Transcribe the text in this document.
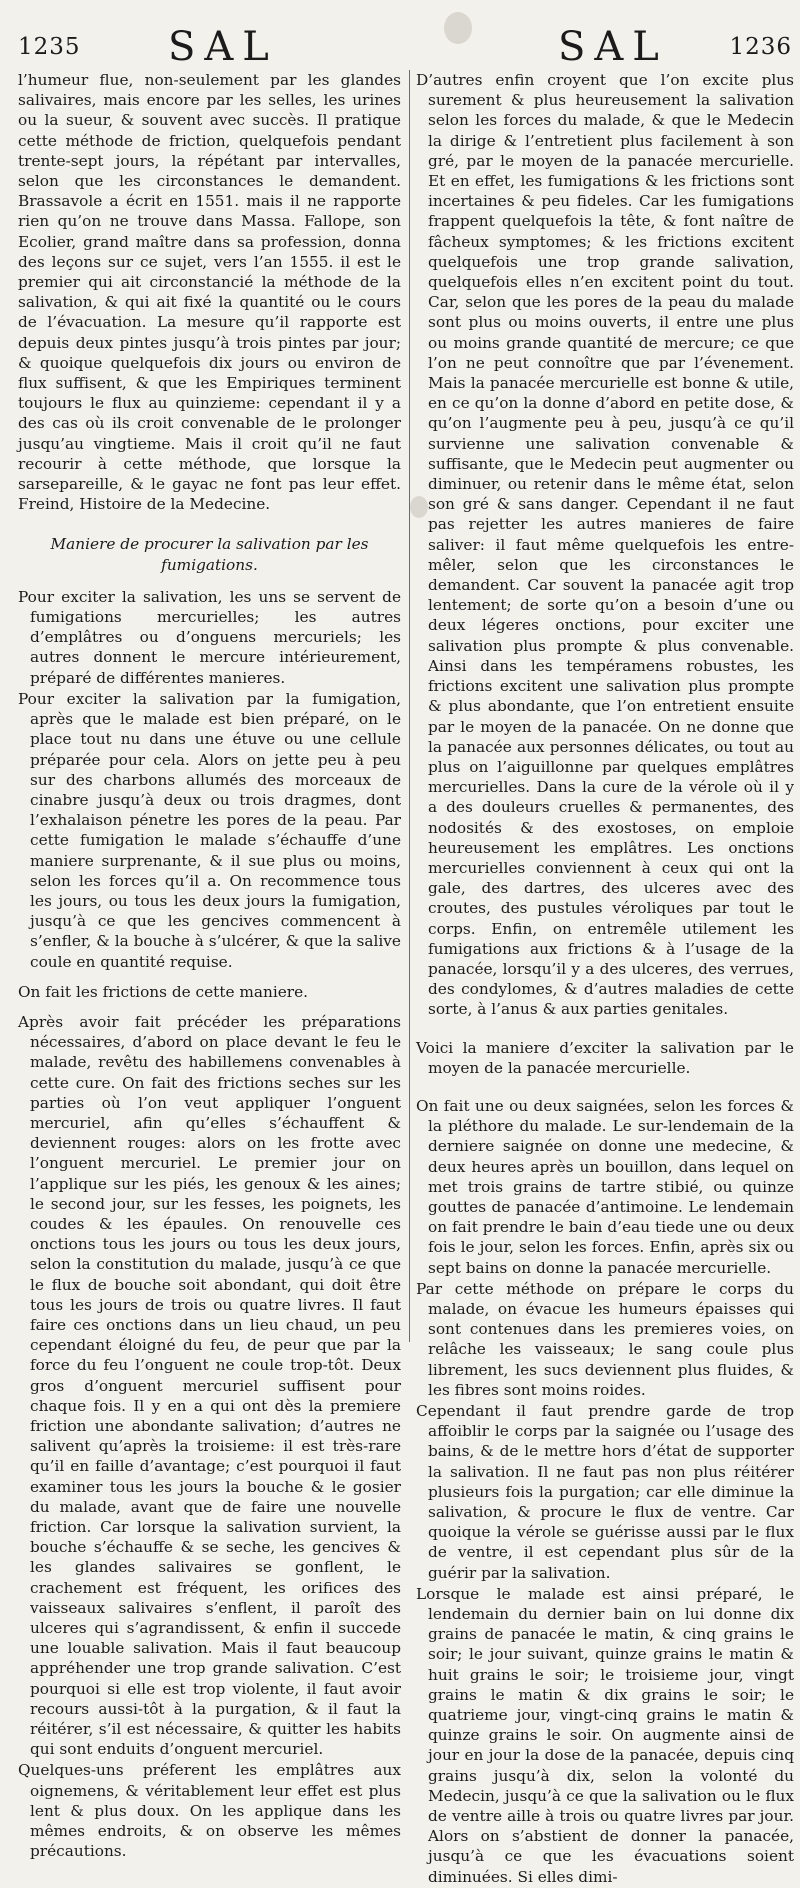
1235 SAL	SAL	1236

l’humeur flue, non-seulement par les glandes salivaires, mais encore par les selles, les urines ou la sueur, & souvent avec succès. Il pratique cette méthode de friction, quelquefois pendant trente-sept jours, la répétant par intervalles, selon que les circonstances le demandent. Brassavole a écrit en 1551. mais il ne rapporte rien qu’on ne trouve dans Massa. Fallope, son Ecolier, grand maître dans sa profession, donna des leçons sur ce sujet, vers l’an 1555. il est le premier qui ait circonstancié la méthode de la salivation, & qui ait fixé la quantité ou le cours de l’évacuation. La mesure qu’il rapporte est depuis deux pintes jusqu’à trois pintes par jour; & quoique quelquefois dix jours ou environ de flux suffisent, & que les Empiriques terminent toujours le flux au quinzieme: cependant il y a des cas où ils croit convenable de le prolonger jusqu’au vingtieme. Mais il croit qu’il ne faut recourir à cette méthode, que lorsque la sarsepareille, & le gayac ne font pas leur effet. Freind, Histoire de la Medecine.

Maniere de procurer la salivation par les fumigations.

Pour exciter la salivation, les uns se servent de fumigations mercurielles; les autres d’emplâtres ou d’onguens mercuriels; les autres donnent le mercure intérieurement, préparé de différentes manieres.

Pour exciter la salivation par la fumigation, après que le malade est bien préparé, on le place tout nu dans une étuve ou une cellule préparée pour cela. Alors on jette peu à peu sur des charbons allumés des morceaux de cinabre jusqu’à deux ou trois dragmes, dont l’exhalaison pénetre les pores de la peau. Par cette fumigation le malade s’échauffe d’une maniere surprenante, & il sue plus ou moins, selon les forces qu’il a. On recommence tous les jours, ou tous les deux jours la fumigation, jusqu’à ce que les gencives commencent à s’enfler, & la bouche à s’ulcérer, & que la salive coule en quantité requise.

On fait les frictions de cette maniere.

Après avoir fait précéder les préparations nécessaires, d’abord on place devant le feu le malade, revêtu des habillemens convenables à cette cure. On fait des frictions seches sur les parties où l’on veut appliquer l’onguent mercuriel, afin qu’elles s’échauffent & deviennent rouges: alors on les frotte avec l’onguent mercuriel. Le premier jour on l’applique sur les piés, les genoux & les aines; le second jour, sur les fesses, les poignets, les coudes & les épaules. On renouvelle ces onctions tous les jours ou tous les deux jours, selon la constitution du malade, jusqu’à ce que le flux de bouche soit abondant, qui doit être tous les jours de trois ou quatre livres. Il faut faire ces onctions dans un lieu chaud, un peu cependant éloigné du feu, de peur que par la force du feu l’onguent ne coule trop-tôt. Deux gros d’onguent mercuriel suffisent pour chaque fois. Il y en a qui ont dès la premiere friction une abondante salivation; d’autres ne salivent qu’après la troisieme: il est très-rare qu’il en faille d’avantage; c’est pourquoi il faut examiner tous les jours la bouche & le gosier du malade, avant que de faire une nouvelle friction. Car lorsque la salivation survient, la bouche s’échauffe & se seche, les gencives & les glandes salivaires se gonflent, le crachement est fréquent, les orifices des vaisseaux salivaires s’enflent, il paroît des ulceres qui s’agrandissent, & enfin il succede une louable salivation. Mais il faut beaucoup appréhender une trop grande salivation. C’est pourquoi si elle est trop violente, il faut avoir recours aussi-tôt à la purgation, & il faut la réitérer, s’il est nécessaire, & quitter les habits qui sont enduits d’onguent mercuriel.

Quelques-uns préferent les emplâtres aux oignemens, & véritablement leur effet est plus lent & plus doux. On les applique dans les mêmes endroits, & on observe les mêmes précautions.

D’autres enfin croyent que l’on excite plus surement & plus heureusement la salivation selon les forces du malade, & que le Medecin la dirige & l’entretient plus facilement à son gré, par le moyen de la panacée mercurielle. Et en effet, les fumigations & les frictions sont incertaines & peu fideles. Car les fumigations frappent quelquefois la tête, & font naître de fâcheux symptomes; & les frictions excitent quelquefois une trop grande salivation, quelquefois elles n’en excitent point du tout. Car, selon que les pores de la peau du malade sont plus ou moins ouverts, il entre une plus ou moins grande quantité de mercure; ce que l’on ne peut connoître que par l’évenement. Mais la panacée mercurielle est bonne & utile, en ce qu’on la donne d’abord en petite dose, & qu’on l’augmente peu à peu, jusqu’à ce qu’il survienne une salivation convenable & suffisante, que le Medecin peut augmenter ou diminuer, ou retenir dans le même état, selon son gré & sans danger. Cependant il ne faut pas rejetter les autres manieres de faire saliver: il faut même quelquefois les entre-mêler, selon que les circonstances le demandent. Car souvent la panacée agit trop lentement; de sorte qu’on a besoin d’une ou deux légeres onctions, pour exciter une salivation plus prompte & plus convenable. Ainsi dans les tempéramens robustes, les frictions excitent une salivation plus prompte & plus abondante, que l’on entretient ensuite par le moyen de la panacée. On ne donne que la panacée aux personnes délicates, ou tout au plus on l’aiguillonne par quelques emplâtres mercurielles. Dans la cure de la vérole où il y a des douleurs cruelles & permanentes, des nodosités & des exostoses, on emploie heureusement les emplâtres. Les onctions mercurielles conviennent à ceux qui ont la gale, des dartres, des ulceres avec des croutes, des pustules véroliques par tout le corps. Enfin, on entremêle utilement les fumigations aux frictions & à l’usage de la panacée, lorsqu’il y a des ulceres, des verrues, des condylomes, & d’autres maladies de cette sorte, à l’anus & aux parties genitales.

Voici la maniere d’exciter la salivation par le moyen de la panacée mercurielle.

On fait une ou deux saignées, selon les forces & la pléthore du malade. Le sur-lendemain de la derniere saignée on donne une medecine, & deux heures après un bouillon, dans lequel on met trois grains de tartre stibié, ou quinze gouttes de panacée d’antimoine. Le lendemain on fait prendre le bain d’eau tiede une ou deux fois le jour, selon les forces. Enfin, après six ou sept bains on donne la panacée mercurielle.

Par cette méthode on prépare le corps du malade, on évacue les humeurs épaisses qui sont contenues dans les premieres voies, on relâche les vaisseaux; le sang coule plus librement, les sucs deviennent plus fluides, & les fibres sont moins roides.

Cependant il faut prendre garde de trop affoiblir le corps par la saignée ou l’usage des bains, & de le mettre hors d’état de supporter la salivation. Il ne faut pas non plus réitérer plusieurs fois la purgation; car elle diminue la salivation, & procure le flux de ventre. Car quoique la vérole se guérisse aussi par le flux de ventre, il est cependant plus sûr de la guérir par la salivation.

Lorsque le malade est ainsi préparé, le lendemain du dernier bain on lui donne dix grains de panacée le matin, & cinq grains le soir; le jour suivant, quinze grains le matin & huit grains le soir; le troisieme jour, vingt grains le matin & dix grains le soir; le quatrieme jour, vingt-cinq grains le matin & quinze grains le soir. On augmente ainsi de jour en jour la dose de la panacée, depuis cinq grains jusqu’à dix, selon la volonté du Medecin, jusqu’à ce que la salivation ou le flux de ventre aille à trois ou quatre livres par jour. Alors on s’abstient de donner la panacée, jusqu’à ce que les évacuations soient diminuées. Si elles dimi-
